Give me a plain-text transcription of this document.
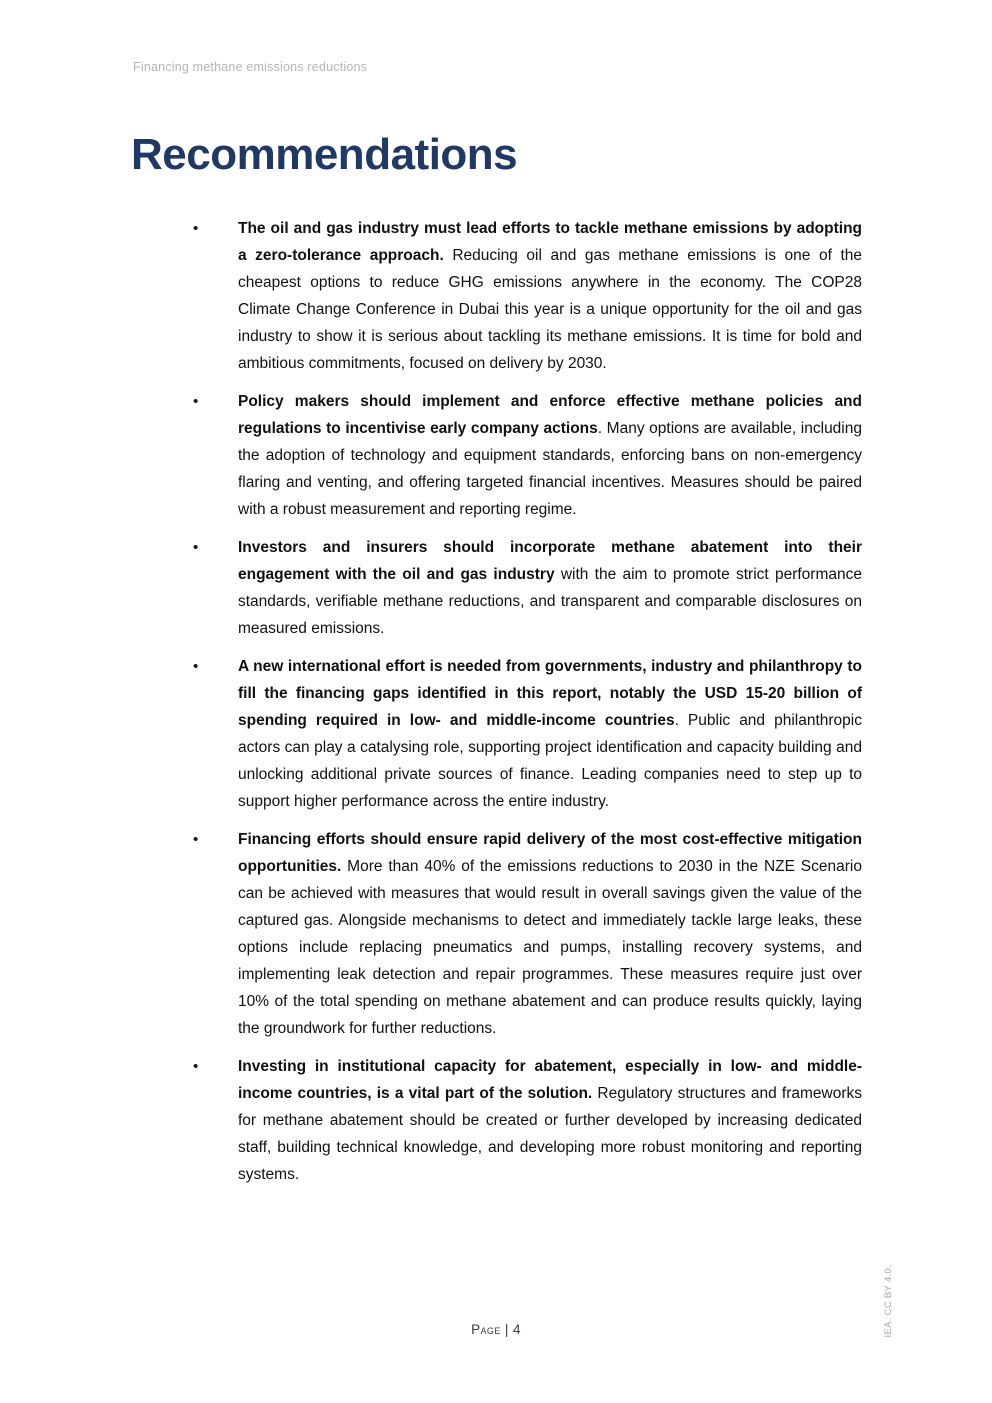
Financing methane emissions reductions
Recommendations
• The oil and gas industry must lead efforts to tackle methane emissions by adopting a zero-tolerance approach. Reducing oil and gas methane emissions is one of the cheapest options to reduce GHG emissions anywhere in the economy. The COP28 Climate Change Conference in Dubai this year is a unique opportunity for the oil and gas industry to show it is serious about tackling its methane emissions. It is time for bold and ambitious commitments, focused on delivery by 2030.
• Policy makers should implement and enforce effective methane policies and regulations to incentivise early company actions. Many options are available, including the adoption of technology and equipment standards, enforcing bans on non-emergency flaring and venting, and offering targeted financial incentives. Measures should be paired with a robust measurement and reporting regime.
• Investors and insurers should incorporate methane abatement into their engagement with the oil and gas industry with the aim to promote strict performance standards, verifiable methane reductions, and transparent and comparable disclosures on measured emissions.
• A new international effort is needed from governments, industry and philanthropy to fill the financing gaps identified in this report, notably the USD 15-20 billion of spending required in low- and middle-income countries. Public and philanthropic actors can play a catalysing role, supporting project identification and capacity building and unlocking additional private sources of finance. Leading companies need to step up to support higher performance across the entire industry.
• Financing efforts should ensure rapid delivery of the most cost-effective mitigation opportunities. More than 40% of the emissions reductions to 2030 in the NZE Scenario can be achieved with measures that would result in overall savings given the value of the captured gas. Alongside mechanisms to detect and immediately tackle large leaks, these options include replacing pneumatics and pumps, installing recovery systems, and implementing leak detection and repair programmes. These measures require just over 10% of the total spending on methane abatement and can produce results quickly, laying the groundwork for further reductions.
• Investing in institutional capacity for abatement, especially in low- and middle-income countries, is a vital part of the solution. Regulatory structures and frameworks for methane abatement should be created or further developed by increasing dedicated staff, building technical knowledge, and developing more robust monitoring and reporting systems.
Page | 4	IEA. CC BY 4.0.
